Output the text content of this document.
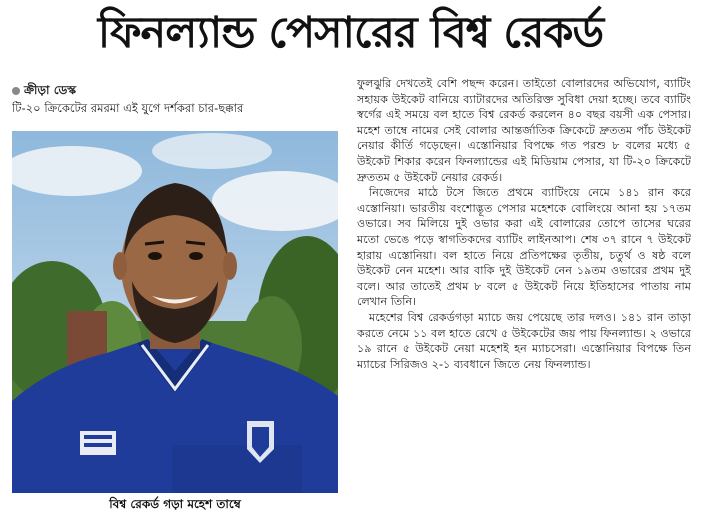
ফিনল্যান্ড পেসারের বিশ্ব রেকর্ড
ক্রীড়া ডেস্ক
টি-২০ ক্রিকেটের রমরমা এই যুগে দর্শকরা চার-ছক্কার
বিশ্ব রেকর্ড গড়া মহেশ তাম্বে

ফুলঝুরি দেখতেই বেশি পছন্দ করেন। তাইতো বোলারদের অভিযোগ, ব্যাটিং সহায়ক উইকেট বানিয়ে ব্যাটারদের অতিরিক্ত সুবিধা দেয়া হচ্ছে। তবে ব্যাটিং স্বর্গের এই সময়ে বল হাতে বিশ্ব রেকর্ড করলেন ৪০ বছর বয়সী এক পেসার। মহেশ তাম্বে নামের সেই বোলার আন্তর্জাতিক ক্রিকেটে দ্রুততম পাঁচ উইকেট নেয়ার কীর্তি গড়েছেন। এস্তোনিয়ার বিপক্ষে গত পরশু ৮ বলের মধ্যে ৫ উইকেট শিকার করেন ফিনল্যান্ডের এই মিডিয়াম পেসার, যা টি-২০ ক্রিকেটে দ্রুততম ৫ উইকেট নেয়ার রেকর্ড।

নিজেদের মাঠে টসে জিতে প্রথমে ব্যাটিংয়ে নেমে ১৪১ রান করে এস্তোনিয়া। ভারতীয় বংশোদ্ভূত পেসার মহেশকে বোলিংয়ে আনা হয় ১৭তম ওভারে। সব মিলিয়ে দুই ওভার করা এই বোলারের তোপে তাসের ঘরের মতো ভেঙে পড়ে স্বাগতিকদের ব্যাটিং লাইনআপ। শেষ ৩৭ রানে ৭ উইকেট হারায় এস্তোনিয়া। বল হাতে নিয়ে প্রতিপক্ষের তৃতীয়, চতুর্থ ও ষষ্ঠ বলে উইকেট নেন মহেশ। আর বাকি দুই উইকেট নেন ১৯তম ওভারের প্রথম দুই বলে। আর তাতেই প্রথম ৮ বলে ৫ উইকেট নিয়ে ইতিহাসের পাতায় নাম লেখান তিনি।

মহেশের বিশ্ব রেকর্ডগড়া ম্যাচে জয় পেয়েছে তার দলও। ১৪১ রান তাড়া করতে নেমে ১১ বল হাতে রেখে ৫ উইকেটের জয় পায় ফিনল্যান্ড। ২ ওভারে ১৯ রানে ৫ উইকেট নেয়া মহেশই হন ম্যাচসেরা। এস্তোনিয়ার বিপক্ষে তিন ম্যাচের সিরিজও ২-১ ব্যবধানে জিতে নেয় ফিনল্যান্ড।
